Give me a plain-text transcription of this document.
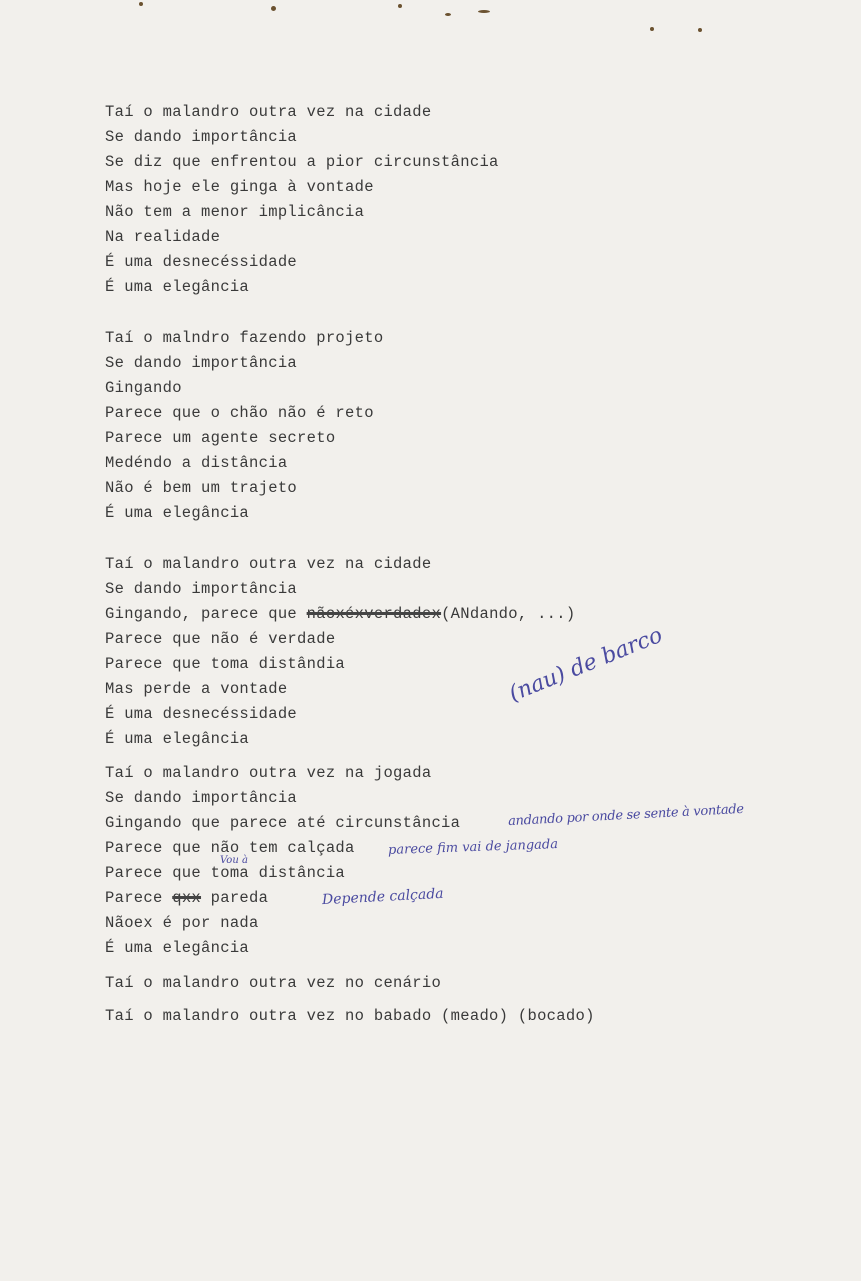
Taí o malandro outra vez na cidade
Se dando importância
Se diz que enfrentou a pior circunstância
Mas hoje ele ginga à vontade
Não tem a menor implicância
Na realidade
É uma desnecéssidade
É uma elegância
Taí o malndro fazendo projeto
Se dando importância
Gingando
Parece que o chão não é reto
Parece um agente secreto
Medéndo a distância
Não é bem um trajeto
É uma elegância
Taí o malandro outra vez na cidade
Se dando importância
Gingando, parece que nãoxéxverdadex(ANdando, ...)
Parece que não é verdade
Parece que toma distândia
Mas perde a vontade
É uma desnecéssidade
É uma elegância
Taí o malandro outra vez na jogada
Se dando importância
Gingando que parece até circunstância
Parece que não tem calçada
Parece que toma distância
Parece qxx pareda
Nãoex é por nada
É uma elegância
Taí o malandro outra vez no cenário
Taí o malandro outra vez no babado (meado) (bocado)
(nau) de barco
andando por onde se sente à vontade
parece fim vai de jangada
Vou à
Depende calçada
